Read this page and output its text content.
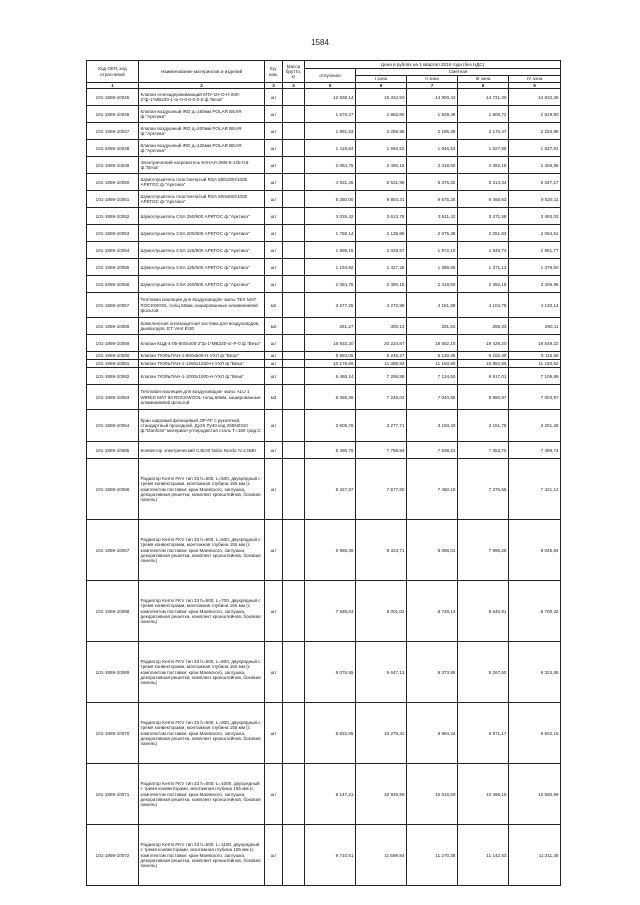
1584
Код ОКП, код отраслевой	Наименование материалов и изделий	Ед. изм.	Масса брутто, кг	Цена в рублях на 1 квартал 2016 года (без НДС)				
				отпускная	Сметная			
					I зона	II зона	III зона	IV зона
1	2	3	4	5	6	7	8	9
101-1959-10045	Клапан огнезадерживающий КПУ-1Н-О-Н-200-2"ф-1*МВ220-1-ог-0-0-0-0-0-0 ф."Веза"	шт		12 838,14	15 334,50	14 900,42	14 731,39	14 822,36
101-1959-10046	Клапан воздушный IRD д=160мм POLAR BEAR ф."Арктика"	шт		1 576,27	1 862,80	1 829,48	1 808,72	1 819,90
101-1959-10047	Клапан воздушный IRD д=200мм POLAR BEAR ф."Арктика"	шт		1 891,53	2 258,95	2 195,38	2 170,47	2 183,88
101-1959-10048	Клапан воздушный IRD д=125мм POLAR BEAR ф."Арктика"	шт		1 418,64	1 694,52	1 646,53	1 627,85	1 637,91
101-1959-10049	Электрический нагреватель КАНАЛ-ЭКВ-К-125-0,8 ф."Веза"	шт		2 084,75	2 490,15	2 419,60	2 392,18	2 406,96
101-1959-10050	Шумоглушитель пластинчатый RSA 500х300/1000 АРКТОС ф."Арктика"	шт		4 631,36	5 531,98	5 375,32	5 314,34	5 347,17
101-1959-10051	Шумоглушитель пластинчатый RSA 800х500/1000 АРКТОС ф."Арктика"	шт		8 250,00	9 854,31	9 575,25	9 466,63	9 525,11
101-1959-10052	Шумоглушитель CSA 250/900 АРКТОС ф."Арктика"	шт		3 025,42	3 613,78	3 511,42	3 471,58	3 493,03
101-1959-10053	Шумоглушитель CSA 200/600 АРКТОС ф."Арктика"	шт		1 788,14	2 135,86	2 075,38	2 051,83	2 064,51
101-1959-10054	Шумоглушитель CSA 125/900 АРКТОС ф."Арктика"	шт		1 699,15	2 029,57	1 972,10	1 949,73	1 961,77
101-1959-10055	Шумоглушитель CSA 125/600 АРКТОС ф."Арктика"	шт		1 194,92	1 427,28	1 386,86	1 371,13	1 379,60
101-1959-10056	Шумоглушитель CSA 160/900 АРКТОС ф."Арктика"	шт		2 084,75	2 490,15	2 419,60	2 392,18	2 406,96
101-1959-10057	Тепловая изоляция для воздуховодов- маты TEX MAT ROCKWOOL толщ.50мм, кашированные алюминиевой фольгой	м2		3 577,25	4 272,88	4 151,89	4 104,78	4 130,14
101-1959-10058	Комплексная огнезащитная система для воздуховодов, дымоходов, ET Vent EI30	м2		251,27	300,13	291,63	288,33	290,11
101-1959-10059	Клапан КЦД-4-05-600х400-2"ф-1*МВ220-ог-Р-0 ф."Веза"	шт		16 932,20	20 224,87	19 652,15	19 429,20	19 549,22
101-1959-10060	Клапан ТЮЛЬПАН-1-800х500-Н-УХЛ ф."Веза"	шт		5 583,05	6 246,27	6 130,36	6 162,40	6 115,58
101-1959-10061	Клапан ТЮЛЬПАН-1-1250х1250-Н-УХЛ ф."Веза"	шт		10 179,66	11 388,93	11 193,80	10 852,55	11 150,62
101-1959-10062	Клапан ТЮЛЬПАН-1-1000х1000-Н-УХЛ ф."Веза"	шт		6 488,14	7 258,88	7 134,50	6 917,01	7 106,99
101-1959-10063	Тепловая изоляция для воздуховодов- маты ALU 1 WIRED MAT 80 ROCKWOOL толщ.60мм, кашированные алюминиевой фольгой	м3		6 066,36	7 246,04	7 040,85	6 960,97	7 003,97
101-1959-10064	Кран шаровый фланцевый JIP-FF с рукояткой, стандартный проходной, Ду25 Ру40 код 065N0310 ф."Danfoss" материал-углеродистая сталь Т=180 град.С	шт		2 605,76	3 277,71	3 193,43	3 151,75	3 201,28
101-1959-10065	Конвектор электрический C4E20 Nobo Nordic N-2,0кВт	шт		6 495,76	7 758,94	7 539,23	7 453,70	7 499,74
101-1959-10066	Радиатор Kermi FKV тип 33 h=500, L=500, двухрядный с тремя конвекторами, монтажная глубина 155 мм (с комплектом поставки: кран Маевского, заглушка, декоративная решетка, комплект кронштейнов, боковая панель)	шт		6 427,67	7 677,60	7 460,19	7 375,56	7 421,12
101-1959-10067	Радиатор Kermi FKV тип 33 h=500, L=600, двухрядный с тремя конвекторами, монтажная глубина 155 мм (с комплектом поставки: кран Маевского, заглушка, декоративная решетка, комплект кронштейнов, боковая панель)	шт		6 968,39	8 323,71	8 088,01	7 996,25	8 045,64
101-1959-10068	Радиатор Kermi FKV тип 33 h=500, L=700, двухрядный с тремя конвекторами, монтажная глубина 155 мм (с комплектом поставки: кран Маевского, заглушка, декоративная решетка, комплект кронштейнов, боковая панель)	шт		7 535,63	9 001,02	8 746,13	8 646,91	8 700,32
101-1959-10069	Радиатор Kermi FKV тип 33 h=500, L=800, двухрядный с тремя конвекторами, монтажная глубина 155 мм (с комплектом поставки: кран Маевского, заглушка, декоративная решетка, комплект кронштейнов, боковая панель)	шт		8 076,55	9 647,13	9 373,95	9 267,60	9 324,85
101-1959-10070	Радиатор Kermi FKV тип 33 h=500, L=900, двухрядный с тремя конвекторами, монтажная глубина 155 мм (с комплектом поставки: кран Маевского, заглушка, декоративная решетка, комплект кронштейнов, боковая панель)	шт		8 632,55	10 275,42	9 984,44	9 871,17	9 932,15
101-1959-10071	Радиатор Kermi FKV тип 33 h=500, L=1000, двухрядный с тремя конвекторами, монтажная глубина 155 мм (с комплектом поставки: кран Маевского, заглушка, декоративная решетка, комплект кронштейнов, боковая панель)	шт		9 147,21	10 925,99	10 616,59	10 496,15	10 560,99
101-1959-10072	Радиатор Kermi FKV тип 33 h=500, L=1100, двухрядный с тремя конвекторами, монтажная глубина 155 мм (с комплектом поставки: кран Маевского, заглушка, декоративная решетка, комплект кронштейнов, боковая панель)	шт		9 710,51	11 598,84	11 270,38	11 142,53	11 211,36
